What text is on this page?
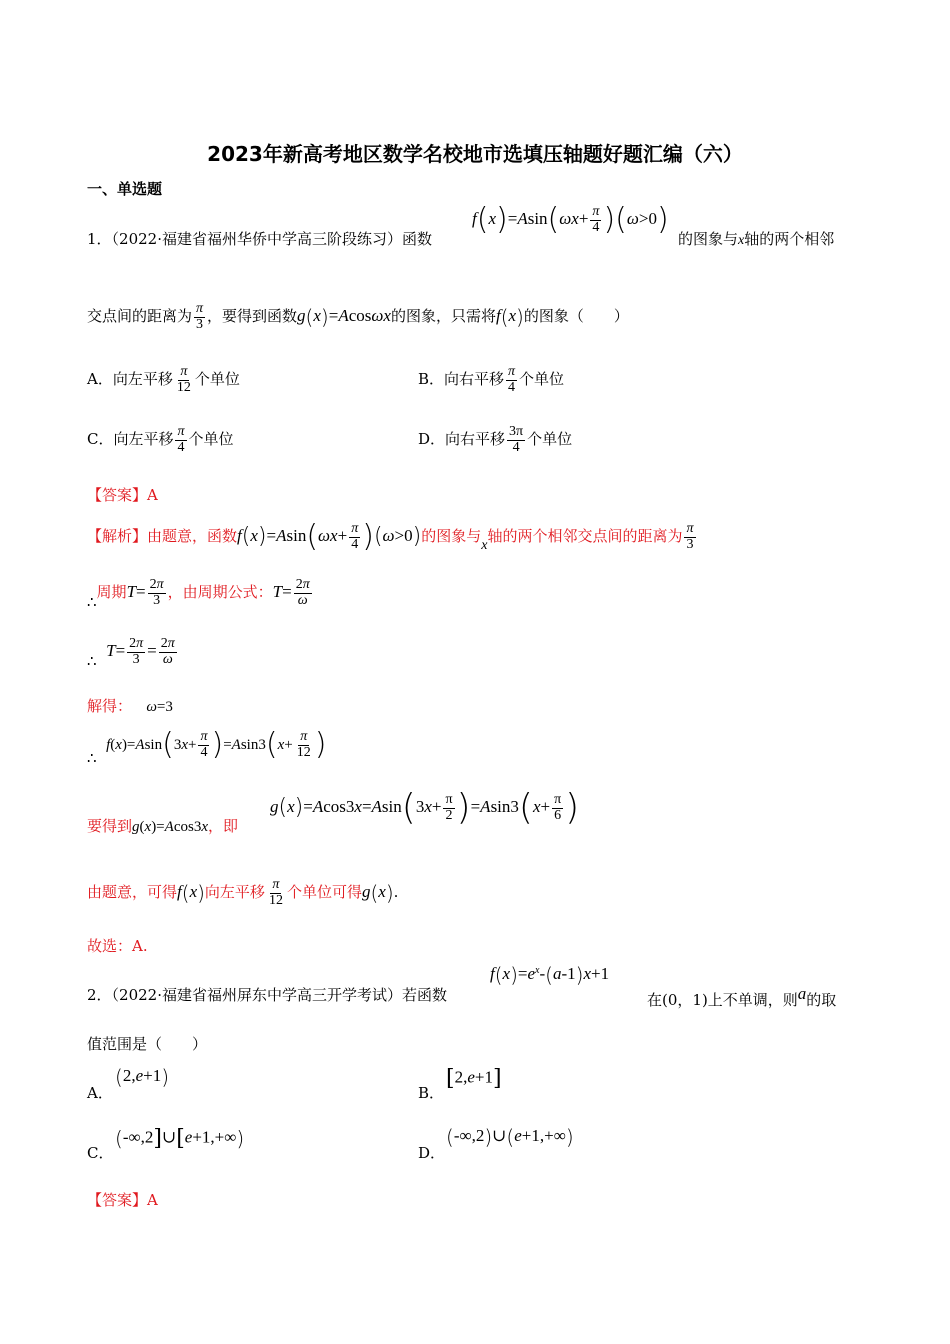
2023年新高考地区数学名校地市选填压轴题好题汇编（六）
一、单选题
1．（2022·福建省福州华侨中学高三阶段练习）函数
$f(x)=Asin(\omega x+ \frac{\pi}{4} )(\omega>0)$
的图象与x轴的两个相邻
交点间的距离为 $\frac{\pi}{3}$ ，要得到函数g(x)=Acosωx的图象，只需将f(x)的图象（　　）
A．向左平移 $\frac{\pi}{12}$ 个单位	B．向右平移 $\frac{\pi}{4}$ 个单位
C．向左平移 $\frac{\pi}{4}$ 个单位	D．向右平移 $\frac{3\pi}{4}$ 个单位
【答案】A
【解析】由题意，函数$f(x)=Asin(\omega x+ \frac{\pi}{4} )(\omega>0)$的图象与x轴的两个相邻交点间的距离为 $\frac{\pi}{3}$
∴周期$T= \frac{2\pi}{3}$ ，由周期公式：$T= \frac{2\pi}{\omega}$
∴  $T= \frac{2\pi}{3} = \frac{2\pi}{\omega}$
解得： ω=3
∴  $f(x)=Asin(3x+ \frac{\pi}{4} )=Asin3(x+ \frac{\pi}{12}$ )
要得到g(x)=Acos3x，即
$g(x)=Acos3x=Asin(3x+ \frac{\pi}{2} )=Asin3(x+ \frac{\pi}{6}$ )
由题意，可得f(x)向左平移 $\frac{\pi}{12}$ 个单位可得g(x).
故选：A.
2．（2022·福建省福州屏东中学高三开学考试）若函数
$f(x)=e^x-(a-1)x+1$
在(0，1)上不单调，则a的取
值范围是（　　）
A．
(2,e+1)
B．
[2,e+1]
C．
(-∞,2]∪[e+1,+∞)
D．
(-∞,2)∪(e+1,+∞)
【答案】A
